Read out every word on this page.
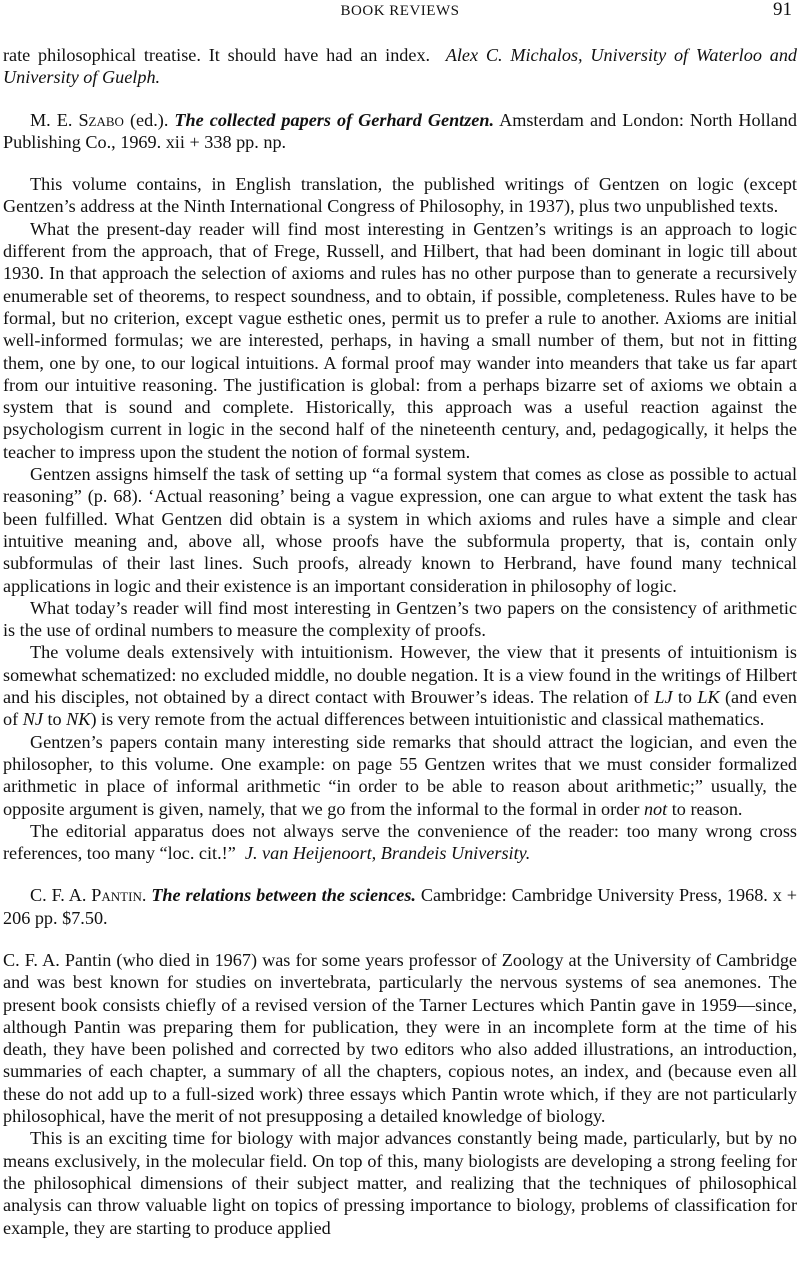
BOOK REVIEWS	91

rate philosophical treatise. It should have had an index. Alex C. Michalos, University of Waterloo and University of Guelph.

M. E. Szabo (ed.). The collected papers of Gerhard Gentzen. Amsterdam and London: North Holland Publishing Co., 1969. xii + 338 pp. np.

This volume contains, in English translation, the published writings of Gentzen on logic (except Gentzen’s address at the Ninth International Congress of Philosophy, in 1937), plus two unpublished texts.

What the present-day reader will find most interesting in Gentzen’s writings is an approach to logic different from the approach, that of Frege, Russell, and Hilbert, that had been dominant in logic till about 1930. In that approach the selection of axioms and rules has no other purpose than to generate a recursively enumerable set of theorems, to respect soundness, and to obtain, if possible, completeness. Rules have to be formal, but no criterion, except vague esthetic ones, permit us to prefer a rule to another. Axioms are initial well-informed formulas; we are interested, perhaps, in having a small number of them, but not in fitting them, one by one, to our logical intuitions. A formal proof may wander into meanders that take us far apart from our intuitive reasoning. The justification is global: from a perhaps bizarre set of axioms we obtain a system that is sound and complete. Historically, this approach was a useful reaction against the psychologism current in logic in the second half of the nineteenth century, and, pedagogically, it helps the teacher to impress upon the student the notion of formal system.

Gentzen assigns himself the task of setting up “a formal system that comes as close as possible to actual reasoning” (p. 68). ‘Actual reasoning’ being a vague expression, one can argue to what extent the task has been fulfilled. What Gentzen did obtain is a system in which axioms and rules have a simple and clear intuitive meaning and, above all, whose proofs have the subformula property, that is, contain only subformulas of their last lines. Such proofs, already known to Herbrand, have found many technical applications in logic and their existence is an important consideration in philosophy of logic.

What today’s reader will find most interesting in Gentzen’s two papers on the consistency of arithmetic is the use of ordinal numbers to measure the complexity of proofs.

The volume deals extensively with intuitionism. However, the view that it presents of intuitionism is somewhat schematized: no excluded middle, no double negation. It is a view found in the writings of Hilbert and his disciples, not obtained by a direct contact with Brouwer’s ideas. The relation of LJ to LK (and even of NJ to NK) is very remote from the actual differences between intuitionistic and classical mathematics.

Gentzen’s papers contain many interesting side remarks that should attract the logician, and even the philosopher, to this volume. One example: on page 55 Gentzen writes that we must consider formalized arithmetic in place of informal arithmetic “in order to be able to reason about arithmetic;” usually, the opposite argument is given, namely, that we go from the informal to the formal in order not to reason.

The editorial apparatus does not always serve the convenience of the reader: too many wrong cross references, too many “loc. cit.!” J. van Heijenoort, Brandeis University.

C. F. A. Pantin. The relations between the sciences. Cambridge: Cambridge University Press, 1968. x + 206 pp. $7.50.

C. F. A. Pantin (who died in 1967) was for some years professor of Zoology at the University of Cambridge and was best known for studies on invertebrata, particularly the nervous systems of sea anemones. The present book consists chiefly of a revised version of the Tarner Lectures which Pantin gave in 1959—since, although Pantin was preparing them for publication, they were in an incomplete form at the time of his death, they have been polished and corrected by two editors who also added illustrations, an introduction, summaries of each chapter, a summary of all the chapters, copious notes, an index, and (because even all these do not add up to a full-sized work) three essays which Pantin wrote which, if they are not particularly philosophical, have the merit of not presupposing a detailed knowledge of biology.

This is an exciting time for biology with major advances constantly being made, particularly, but by no means exclusively, in the molecular field. On top of this, many biologists are developing a strong feeling for the philosophical dimensions of their subject matter, and realizing that the techniques of philosophical analysis can throw valuable light on topics of pressing importance to biology, problems of classification for example, they are starting to produce applied
